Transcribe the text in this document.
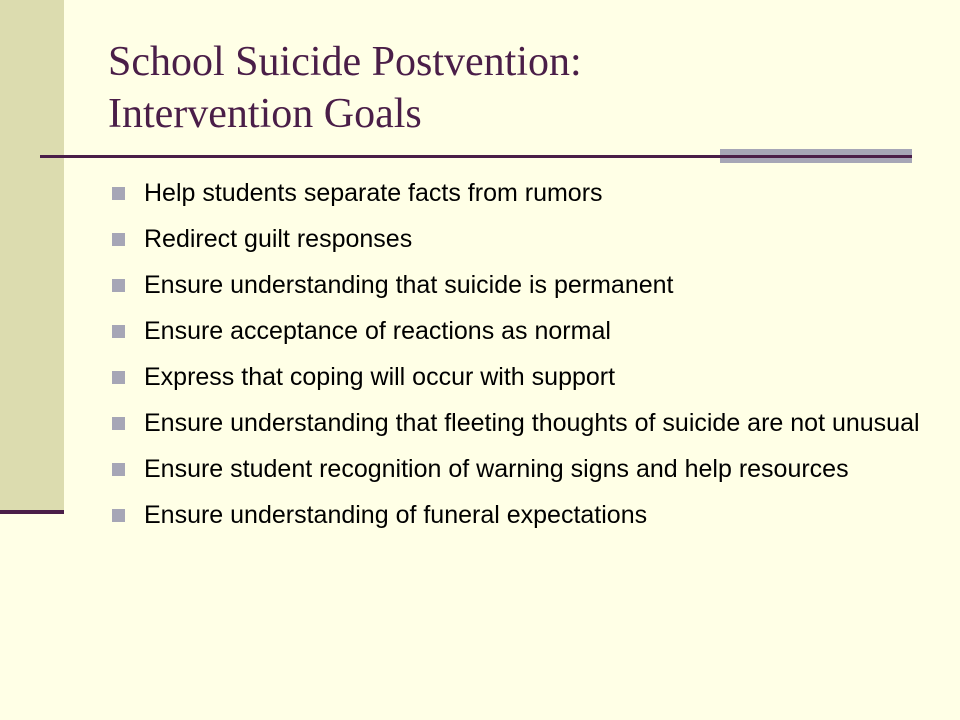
School Suicide Postvention:
Intervention Goals
Help students separate facts from rumors
Redirect guilt responses
Ensure understanding that suicide is permanent
Ensure acceptance of reactions as normal
Express that coping will occur with support
Ensure understanding that fleeting thoughts of suicide are not unusual
Ensure student recognition of warning signs and help resources
Ensure understanding of funeral expectations
